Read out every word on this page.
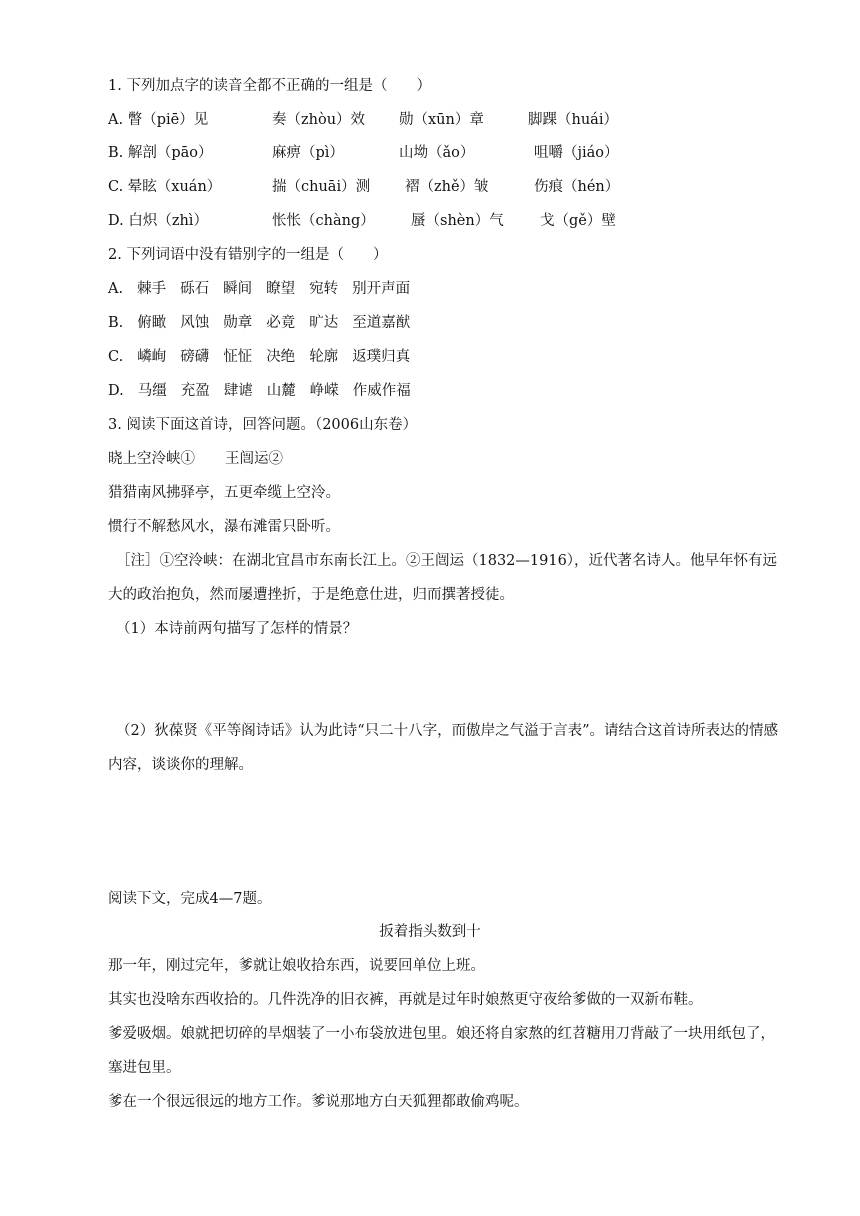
1. 下列加点字的读音全都不正确的一组是（　　）
A. 瞥（piē）见	奏（zhòu）效 勋（xūn）章	脚踝（huái）
B. 解剖（pāo）	麻痹（pì）	山坳（ǎo）	咀嚼（jiáo）
C. 晕眩（xuán）	揣（chuāi）测 褶（zhě）皱	伤痕（hén）
D. 白炽（zhì）	怅怅（chàng）	蜃（shèn）气	戈（gě）壁
2. 下列词语中没有错别字的一组是（　　）
A. 棘手 砾石 瞬间 瞭望 宛转 别开声面
B. 俯瞰 风蚀 勋章 必竟 旷达 至道嘉猷
C. 嶙峋 磅礴 怔怔 决绝 轮廓 返璞归真
D. 马缰 充盈 肆谑 山麓 峥嵘 作威作福
3. 阅读下面这首诗，回答问题。（2006山东卷）
晓上空泠峡① 王闿运②
猎猎南风拂驿亭，五更牵缆上空泠。
惯行不解愁风水，瀑布滩雷只卧听。
［注］①空泠峡：在湖北宜昌市东南长江上。②王闿运（1832—1916），近代著名诗人。他早年怀有远大的政治抱负，然而屡遭挫折，于是绝意仕进，归而撰著授徒。
（1）本诗前两句描写了怎样的情景？
（2）狄葆贤《平等阁诗话》认为此诗“只二十八字，而傲岸之气溢于言表”。请结合这首诗所表达的情感内容，谈谈你的理解。
阅读下文，完成4—7题。
扳着指头数到十
那一年，刚过完年，爹就让娘收拾东西，说要回单位上班。
其实也没啥东西收拾的。几件洗净的旧衣裤，再就是过年时娘熬更守夜给爹做的一双新布鞋。
爹爱吸烟。娘就把切碎的旱烟装了一小布袋放进包里。娘还将自家熬的红苕糖用刀背敲了一块用纸包了，塞进包里。
爹在一个很远很远的地方工作。爹说那地方白天狐狸都敢偷鸡呢。
